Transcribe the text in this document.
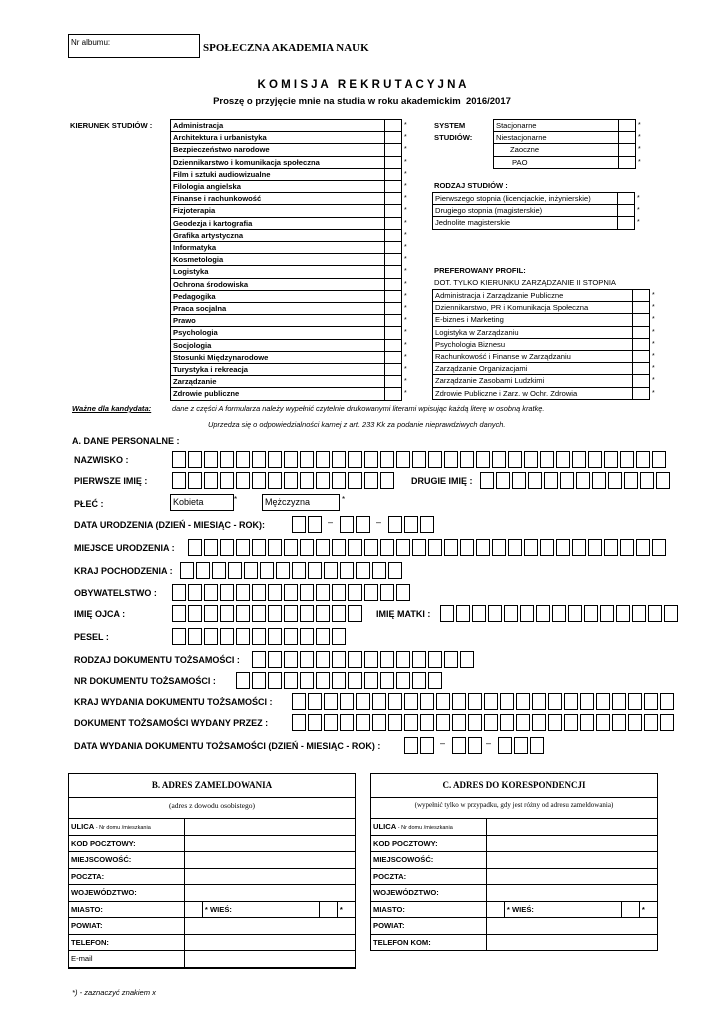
Nr albumu:	SPOŁECZNA AKADEMIA NAUK
K O M I S J A   R E K R U T A C Y J N A
Proszę o przyjęcie mnie na studia w roku akademickim  2016/2017
KIERUNEK STUDIÓW :	Administracja		*
Architektura i urbanistyka		*
Bezpieczeństwo narodowe		*
Dziennikarstwo i komunikacja społeczna		*
Film i sztuki audiowizualne		*
Filologia angielska		*
Finanse i rachunkowość		*
Fizjoterapia		*
Geodezja i kartografia		*
Grafika artystyczna		*
Informatyka		*
Kosmetologia		*
Logistyka		*
Ochrona środowiska		*
Pedagogika		*
Praca socjalna		*
Prawo		*
Psychologia		*
Socjologia		*
Stosunki Międzynarodowe		*
Turystyka i rekreacja		*
Zarządzanie		*
Zdrowie publiczne		*
SYSTEM
STUDIÓW:
Stacjonarne		*
Niestacjonarne		*
Zaoczne		*
PAO		*
RODZAJ STUDIÓW :
Pierwszego stopnia (licencjackie, inżynierskie)		*
Drugiego stopnia (magisterskie)		*
Jednolite magisterskie		*
PREFEROWANY PROFIL:
DOT. TYLKO KIERUNKU ZARZĄDZANIE II STOPNIA
Administracja i Zarządzanie Publiczne		*
Dziennikarstwo, PR i Komunikacja Społeczna		*
E-biznes i Marketing		*
Logistyka w Zarządzaniu		*
Psychologia Biznesu		*
Rachunkowość i Finanse w Zarządzaniu		*
Zarządzanie Organizacjami		*
Zarządzanie Zasobami Ludzkimi		*
Zdrowie Publiczne i Zarz. w Ochr. Zdrowia		*
Ważne dla kandydata:	dane z części A formularza należy wypełnić czytelnie drukowanymi literami wpisując każdą literę w osobną kratkę.
Uprzedza się o odpowiedzialności karnej z art. 233 Kk za podanie nieprawdziwych danych.
A. DANE PERSONALNE :
NAZWISKO :
PIERWSZE IMIĘ :	DRUGIE IMIĘ :
PŁEĆ :	Kobieta	*	Mężczyzna	*
DATA URODZENIA (DZIEŃ - MIESIĄC - ROK):	–	–
MIEJSCE URODZENIA :
KRAJ POCHODZENIA :
OBYWATELSTWO :
IMIĘ OJCA :	IMIĘ MATKI :
PESEL :
RODZAJ DOKUMENTU TOŻSAMOŚCI :
NR DOKUMENTU TOŻSAMOŚCI :
KRAJ WYDANIA DOKUMENTU TOŻSAMOŚCI :
DOKUMENT TOŻSAMOŚCI WYDANY PRZEZ :
DATA WYDANIA DOKUMENTU TOŻSAMOŚCI (DZIEŃ - MIESIĄC - ROK) :	–	–
B. ADRES ZAMELDOWANIA
(adres z dowodu osobistego)
ULICA - Nr domu /mieszkania				
KOD POCZTOWY:				
MIEJSCOWOŚĆ:				
POCZTA:				
WOJEWÓDZTWO:				
MIASTO:		* WIEŚ:		*
POWIAT:				
TELEFON:				
E-mail				
C. ADRES DO KORESPONDENCJI
(wypełnić tylko w przypadku, gdy jest różny od adresu zameldowania)
ULICA - Nr domu /mieszkania				
KOD POCZTOWY:				
MIEJSCOWOŚĆ:				
POCZTA:				
WOJEWÓDZTWO:				
MIASTO:		* WIEŚ:		*
POWIAT:				
TELEFON KOM:				
*) - zaznaczyć znakiem x
